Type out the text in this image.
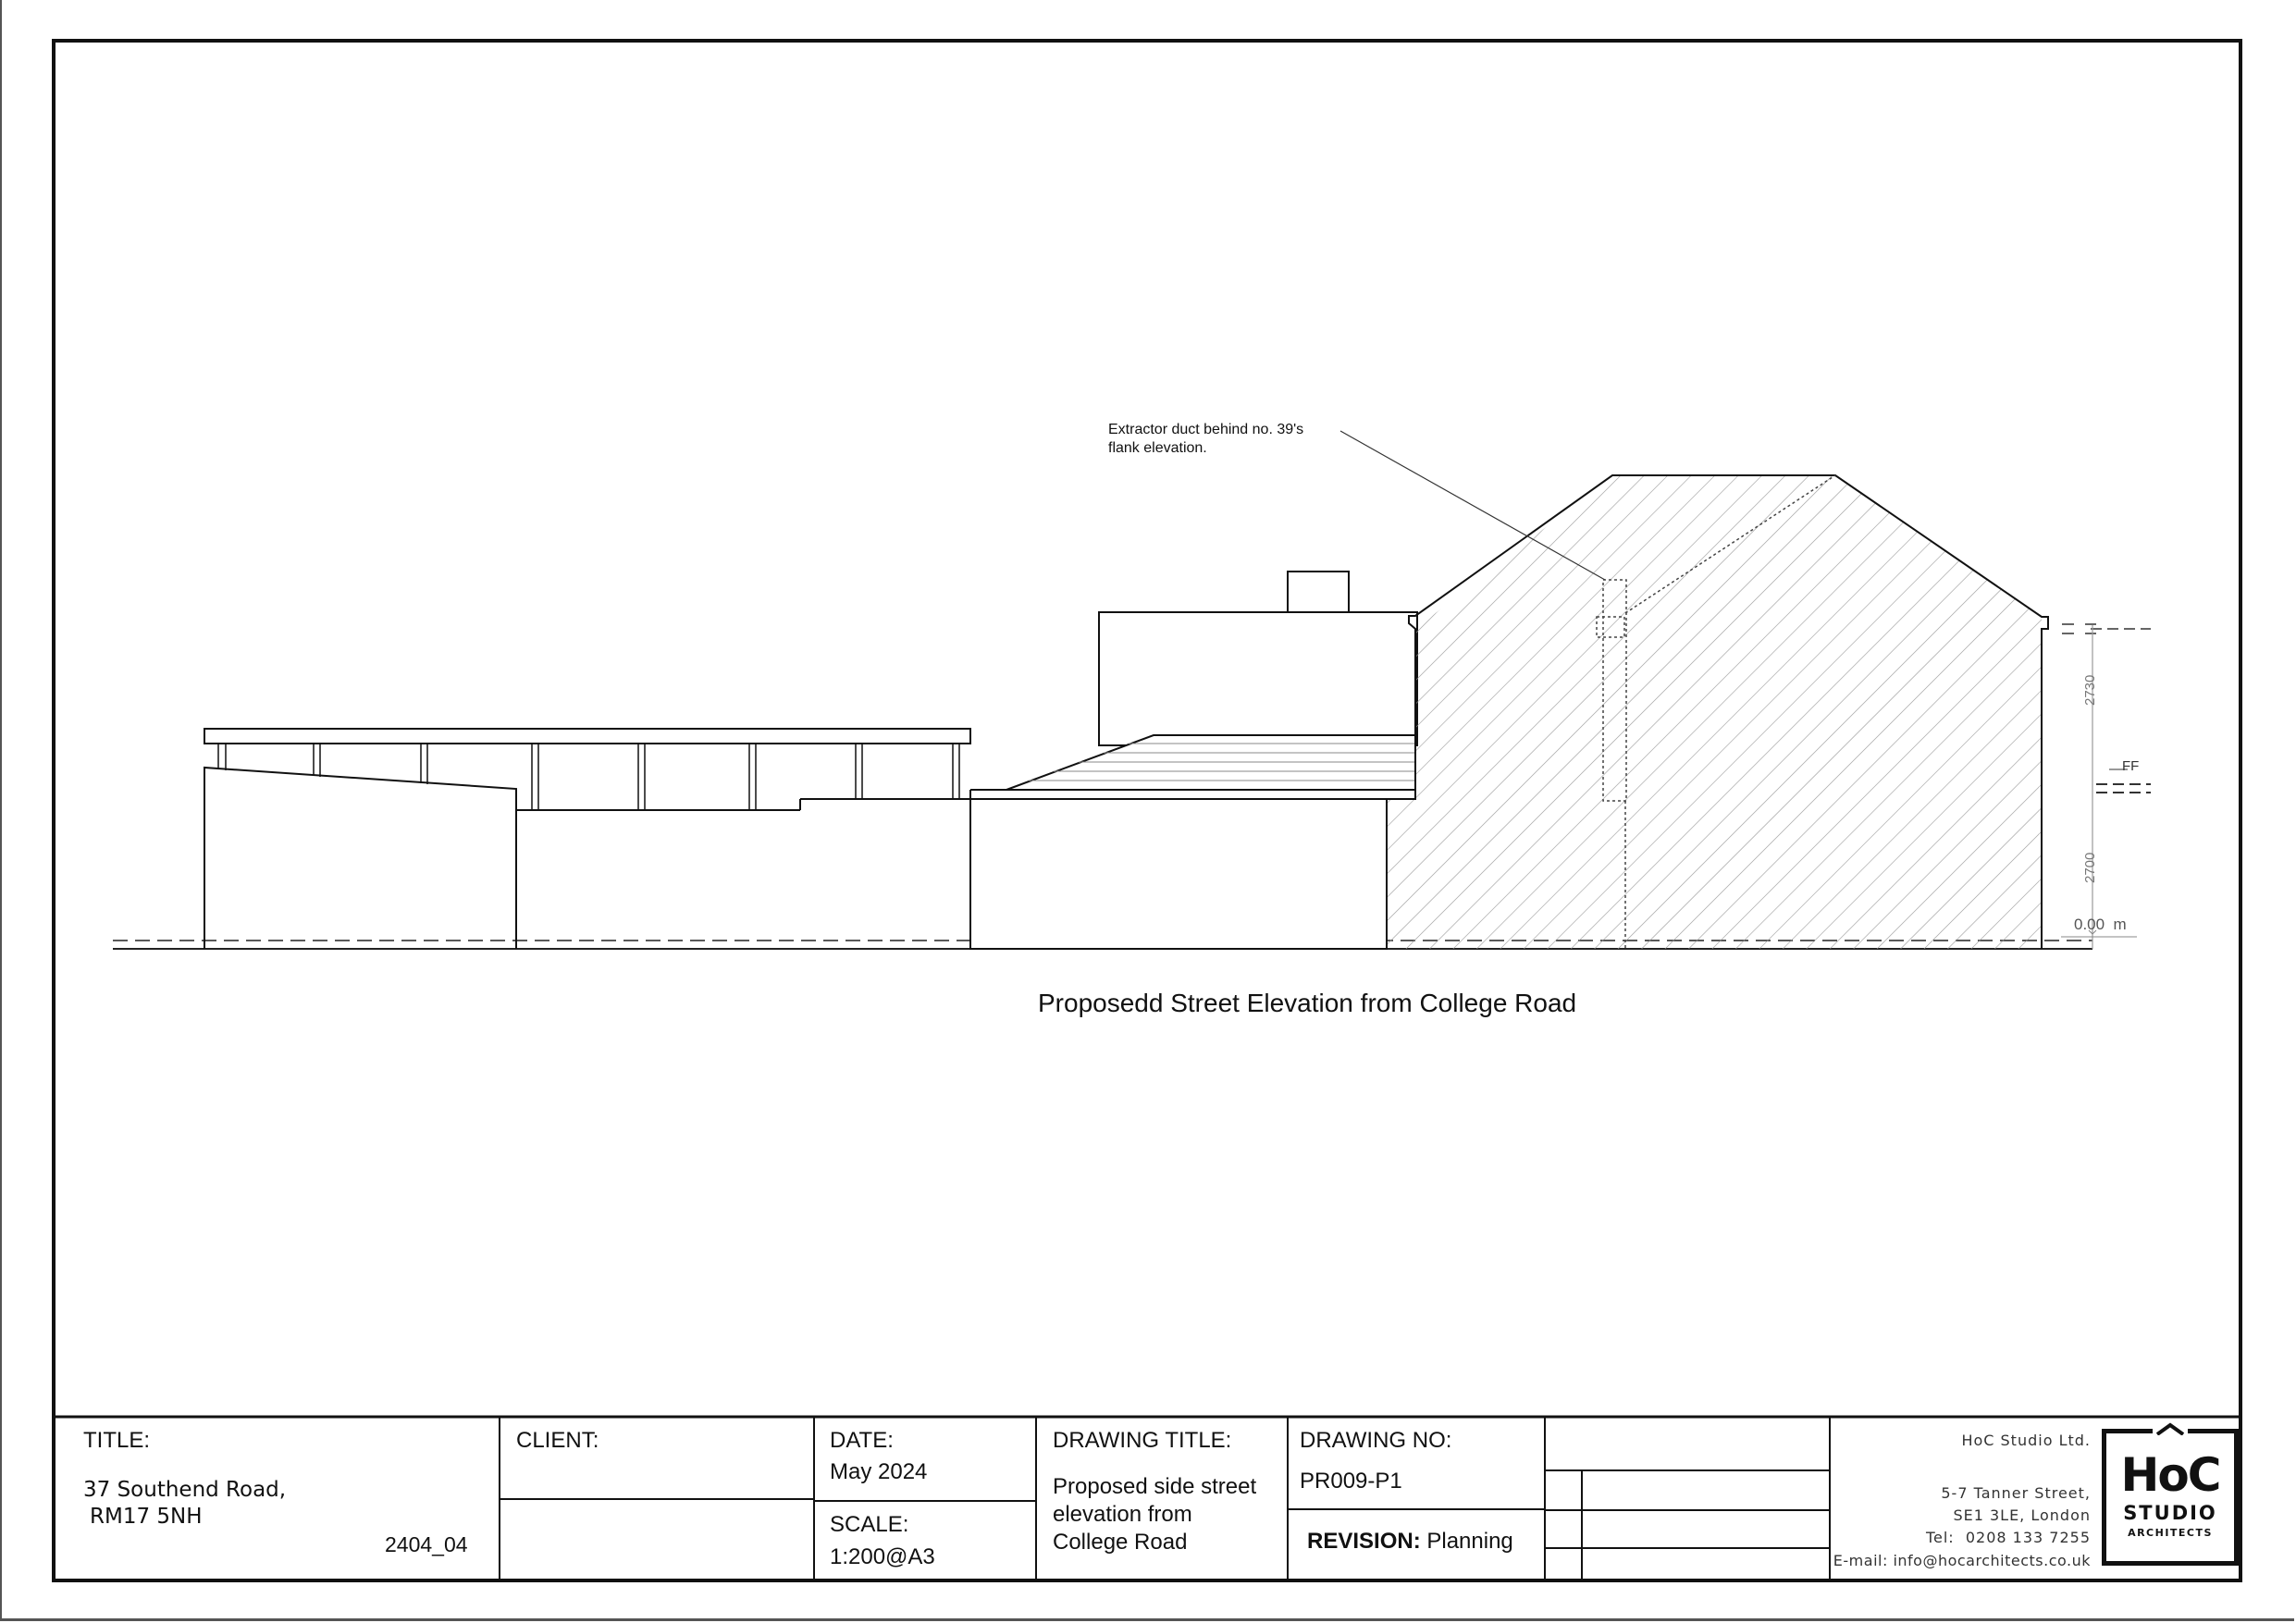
Extractor duct behind no. 39's
flank elevation.
2730
2700
FF
0.00  m
Proposedd Street Elevation from College Road
TITLE:
37 Southend Road,
RM17 5NH
2404_04
CLIENT:	DATE:
May 2024
SCALE:
1:200@A3
DRAWING TITLE:
Proposed side street
elevation from
College Road
DRAWING NO:
PR009-P1
REVISION: Planning
HoC Studio Ltd.
5-7 Tanner Street,
SE1 3LE, London
Tel:  0208 133 7255
E-mail: info@hocarchitects.co.uk
HoC
STUDIO
ARCHITECTS
